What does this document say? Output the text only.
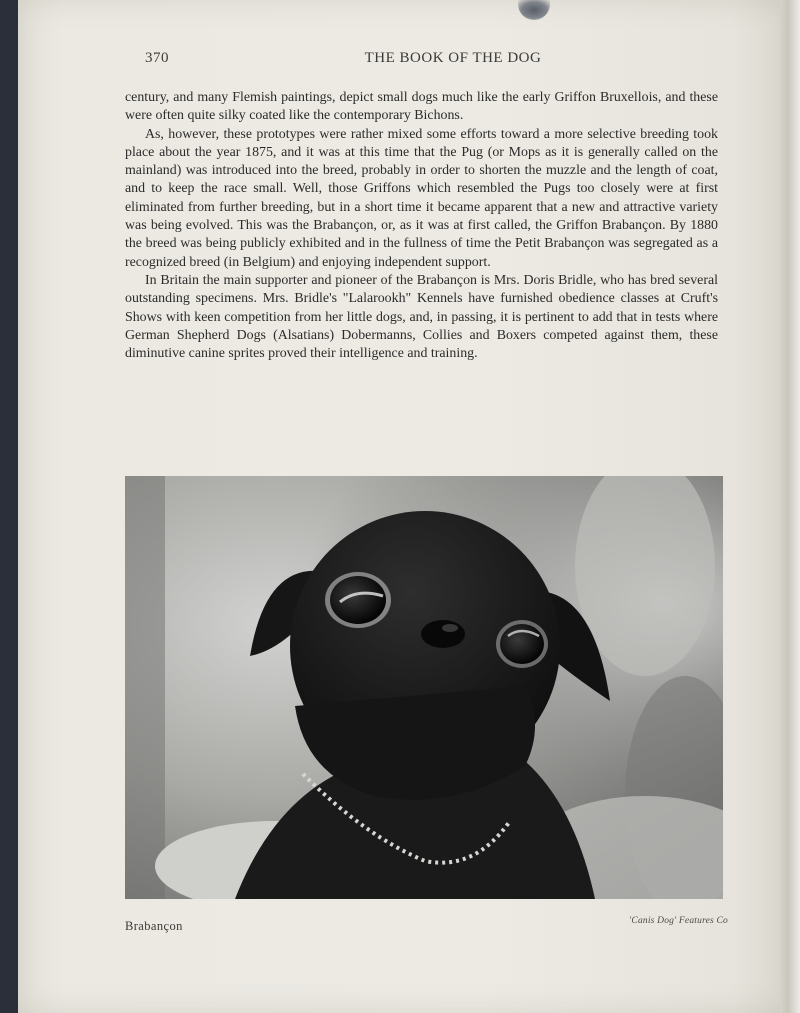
370	THE BOOK OF THE DOG

century, and many Flemish paintings, depict small dogs much like the early Griffon Bruxellois, and these were often quite silky coated like the contemporary Bichons.

As, however, these prototypes were rather mixed some efforts toward a more selective breeding took place about the year 1875, and it was at this time that the Pug (or Mops as it is generally called on the mainland) was introduced into the breed, probably in order to shorten the muzzle and the length of coat, and to keep the race small. Well, those Griffons which resembled the Pugs too closely were at first eliminated from further breeding, but in a short time it became apparent that a new and attractive variety was being evolved. This was the Brabançon, or, as it was at first called, the Griffon Brabançon. By 1880 the breed was being publicly exhibited and in the fullness of time the Petit Brabançon was segregated as a recognized breed (in Belgium) and enjoying independent support.

In Britain the main supporter and pioneer of the Brabançon is Mrs. Doris Bridle, who has bred several outstanding specimens. Mrs. Bridle's "Lalarookh" Kennels have furnished obedience classes at Cruft's Shows with keen competition from her little dogs, and, in passing, it is pertinent to add that in tests where German Shepherd Dogs (Alsatians) Dobermanns, Collies and Boxers competed against them, these diminutive canine sprites proved their intelligence and training.

Brabançon	'Canis Dog' Features Co
